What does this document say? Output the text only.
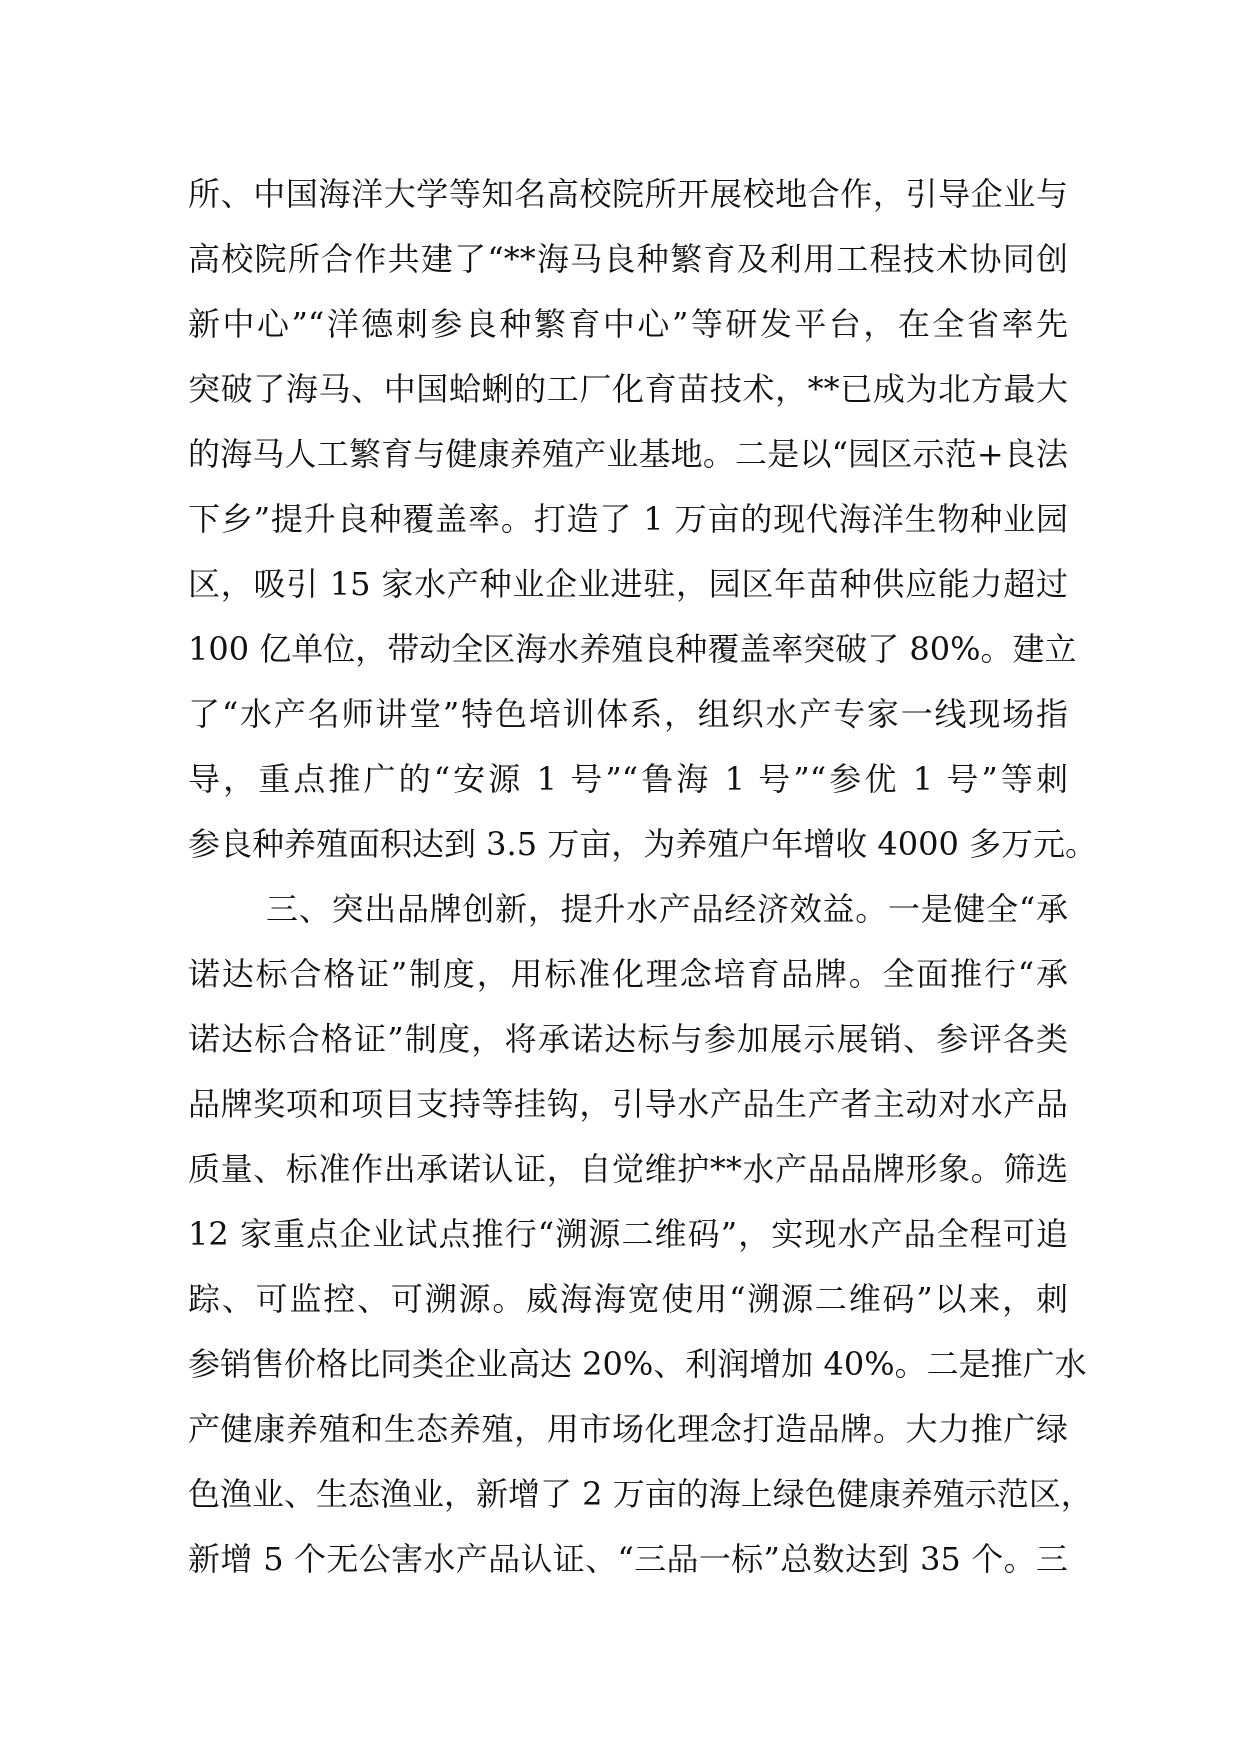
所、中国海洋大学等知名高校院所开展校地合作，引导企业与
高校院所合作共建了“**海马良种繁育及利用工程技术协同创
新中心”“洋德刺参良种繁育中心”等研发平台，在全省率先
突破了海马、中国蛤蜊的工厂化育苗技术，**已成为北方最大
的海马人工繁育与健康养殖产业基地。二是以“园区示范+良法
下乡”提升良种覆盖率。打造了 1 万亩的现代海洋生物种业园
区，吸引 15 家水产种业企业进驻，园区年苗种供应能力超过
100 亿单位，带动全区海水养殖良种覆盖率突破了 80%。建立
了“水产名师讲堂”特色培训体系，组织水产专家一线现场指
导，重点推广的“安源 1 号”“鲁海 1 号”“参优 1 号”等刺
参良种养殖面积达到 3.5 万亩，为养殖户年增收 4000 多万元。
三、突出品牌创新，提升水产品经济效益。一是健全“承
诺达标合格证”制度，用标准化理念培育品牌。全面推行“承
诺达标合格证”制度，将承诺达标与参加展示展销、参评各类
品牌奖项和项目支持等挂钩，引导水产品生产者主动对水产品
质量、标准作出承诺认证，自觉维护**水产品品牌形象。筛选
12 家重点企业试点推行“溯源二维码”，实现水产品全程可追
踪、可监控、可溯源。威海海宽使用“溯源二维码”以来，刺
参销售价格比同类企业高达 20%、利润增加 40%。二是推广水
产健康养殖和生态养殖，用市场化理念打造品牌。大力推广绿
色渔业、生态渔业，新增了 2 万亩的海上绿色健康养殖示范区，
新增 5 个无公害水产品认证、“三品一标”总数达到 35 个。三
